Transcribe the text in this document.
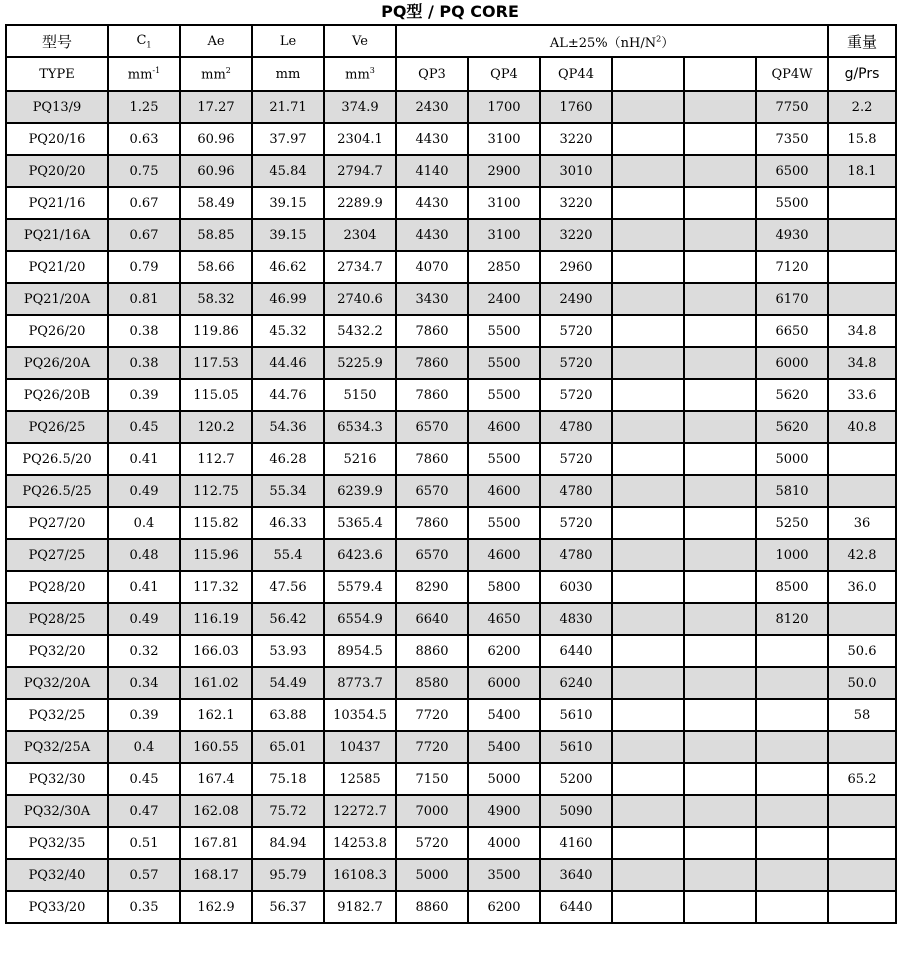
PQ型 / PQ CORE
型号	$C_1$	Ae	Le	Ve	$AL\pm 25\%(nH/N^2)$						重量
TYPE	$mm^{-1}$	$mm^2$	mm	$mm^3$	QP3	QP4	QP44			QP4W	g/Prs
PQ13/9	1.25	17.27	21.71	374.9	2430	1700	1760			7750	2.2
PQ20/16	0.63	60.96	37.97	2304.1	4430	3100	3220			7350	15.8
PQ20/20	0.75	60.96	45.84	2794.7	4140	2900	3010			6500	18.1
PQ21/16	0.67	58.49	39.15	2289.9	4430	3100	3220			5500	
PQ21/16A	0.67	58.85	39.15	2304	4430	3100	3220			4930	
PQ21/20	0.79	58.66	46.62	2734.7	4070	2850	2960			7120	
PQ21/20A	0.81	58.32	46.99	2740.6	3430	2400	2490			6170	
PQ26/20	0.38	119.86	45.32	5432.2	7860	5500	5720			6650	34.8
PQ26/20A	0.38	117.53	44.46	5225.9	7860	5500	5720			6000	34.8
PQ26/20B	0.39	115.05	44.76	5150	7860	5500	5720			5620	33.6
PQ26/25	0.45	120.2	54.36	6534.3	6570	4600	4780			5620	40.8
PQ26.5/20	0.41	112.7	46.28	5216	7860	5500	5720			5000	
PQ26.5/25	0.49	112.75	55.34	6239.9	6570	4600	4780			5810	
PQ27/20	0.4	115.82	46.33	5365.4	7860	5500	5720			5250	36
PQ27/25	0.48	115.96	55.4	6423.6	6570	4600	4780			1000	42.8
PQ28/20	0.41	117.32	47.56	5579.4	8290	5800	6030			8500	36.0
PQ28/25	0.49	116.19	56.42	6554.9	6640	4650	4830			8120	
PQ32/20	0.32	166.03	53.93	8954.5	8860	6200	6440				50.6
PQ32/20A	0.34	161.02	54.49	8773.7	8580	6000	6240				50.0
PQ32/25	0.39	162.1	63.88	10354.5	7720	5400	5610				58
PQ32/25A	0.4	160.55	65.01	10437	7720	5400	5610				
PQ32/30	0.45	167.4	75.18	12585	7150	5000	5200				65.2
PQ32/30A	0.47	162.08	75.72	12272.7	7000	4900	5090				
PQ32/35	0.51	167.81	84.94	14253.8	5720	4000	4160				
PQ32/40	0.57	168.17	95.79	16108.3	5000	3500	3640				
PQ33/20	0.35	162.9	56.37	9182.7	8860	6200	6440				
